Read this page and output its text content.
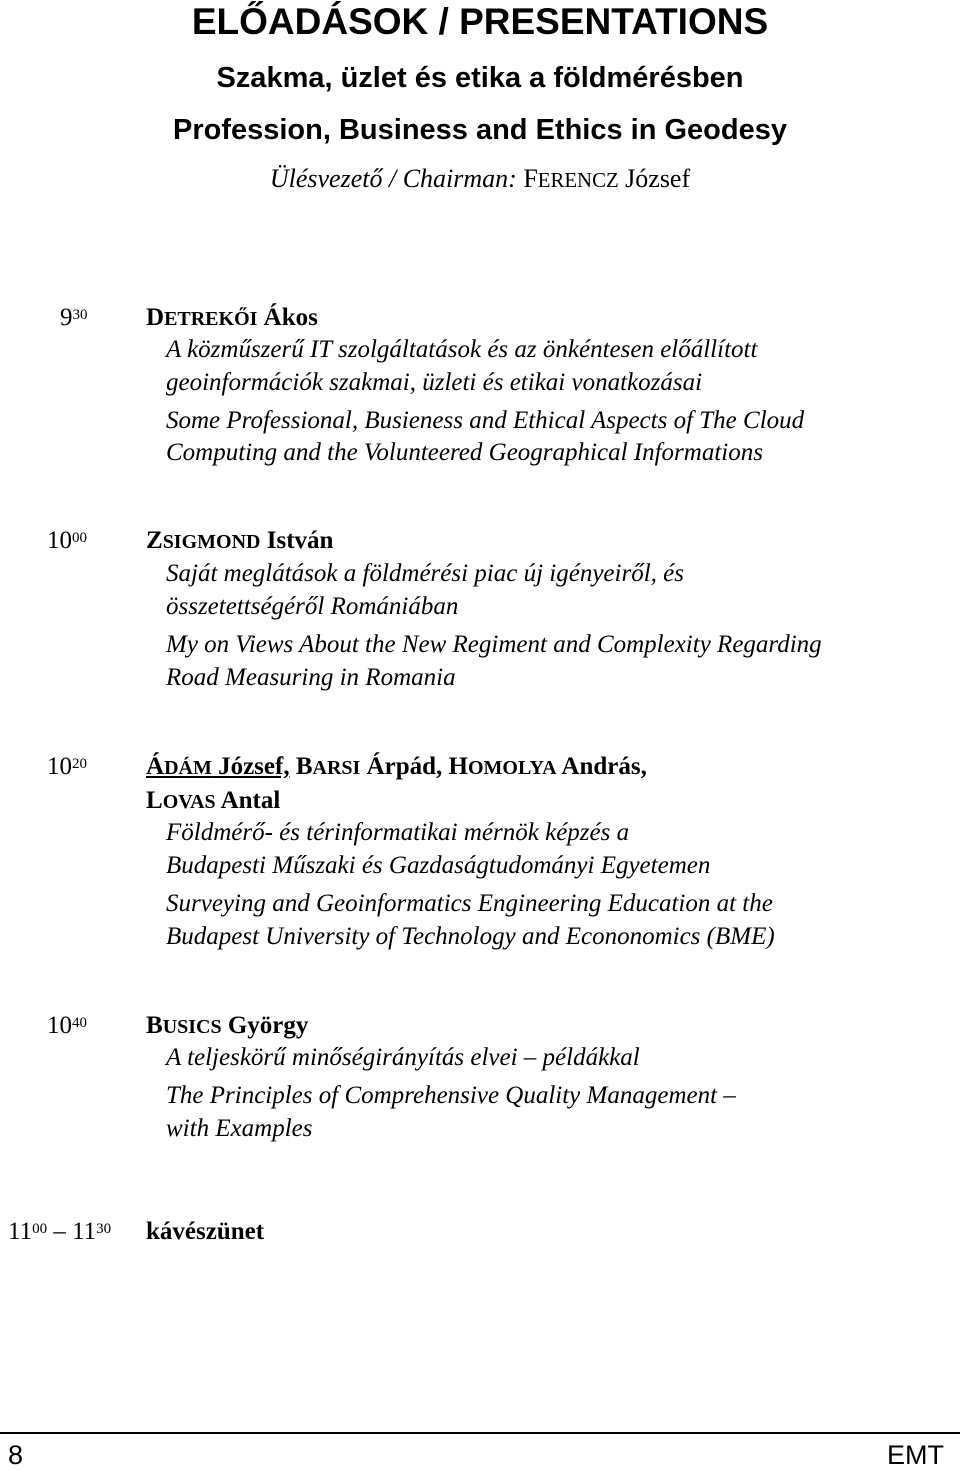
ELŐADÁSOK / PRESENTATIONS
Szakma, üzlet és etika a földmérésben
Profession, Business and Ethics in Geodesy
Ülésvezető / Chairman: FERENCZ József
$9^{30}$ DETREKŐI Ákos
A közműszerű IT szolgáltatások és az önkéntesen előállított
geoinformációk szakmai, üzleti és etikai vonatkozásai
Some Professional, Busieness and Ethical Aspects of The Cloud
Computing and the Volunteered Geographical Informations
$10^{00}$ ZSIGMOND István
Saját meglátások a földmérési piac új igényeiről, és
összetettségéről Romániában
My on Views About the New Regiment and Complexity Regarding
Road Measuring in Romania
$10^{20}$ ÁDÁM József, BARSI Árpád, HOMOLYA András,
LOVAS Antal
Földmérő- és térinformatikai mérnök képzés a
Budapesti Műszaki és Gazdaságtudományi Egyetemen
Surveying and Geoinformatics Engineering Education at the
Budapest University of Technology and Econonomics (BME)
$10^{40}$ BUSICS György
A teljeskörű minőségirányítás elvei – példákkal
The Principles of Comprehensive Quality Management –
with Examples
$11^{00} - 11^{30}$ kávészünet
8	EMT
